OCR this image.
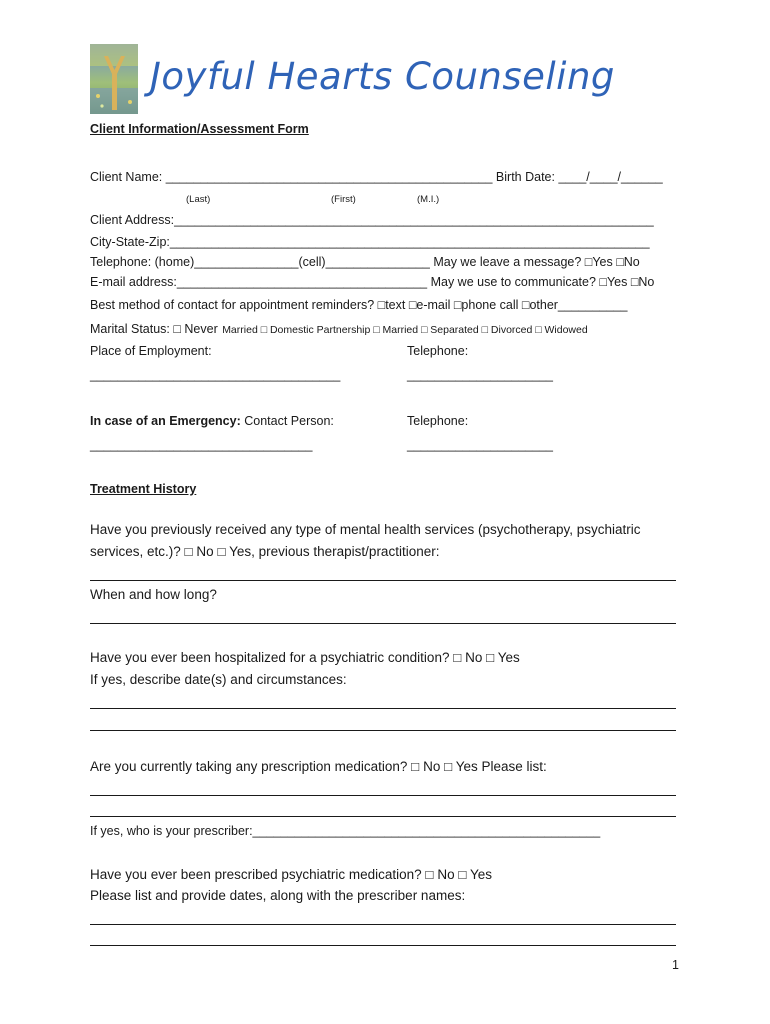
Joyful Hearts Counseling
Client Information/Assessment Form
Client Name: _______________________________________________ Birth Date: ____/____/______
(Last)	(First)	(M.I.)
Client Address:_____________________________________________________________________
City-State-Zip:_____________________________________________________________________
Telephone: (home)_______________(cell)_______________ May we leave a message? □Yes □No
E-mail address:____________________________________ May we use to communicate? □Yes □No
Best method of contact for appointment reminders? □text □e-mail □phone call □other__________
Marital Status: □ Never Married □ Domestic Partnership □ Married □ Separated □ Divorced □ Widowed
Place of Employment:	Telephone:
____________________________________	_____________________
In case of an Emergency: Contact Person:	Telephone:
________________________________	_____________________
Treatment History
Have you previously received any type of mental health services (psychotherapy, psychiatric
services, etc.)? □ No □ Yes, previous therapist/practitioner:
When and how long?
Have you ever been hospitalized for a psychiatric condition? □ No □ Yes
If yes, describe date(s) and circumstances:
Are you currently taking any prescription medication? □ No □ Yes Please list:
If yes, who is your prescriber:__________________________________________________
Have you ever been prescribed psychiatric medication? □ No □ Yes
Please list and provide dates, along with the prescriber names:
1
